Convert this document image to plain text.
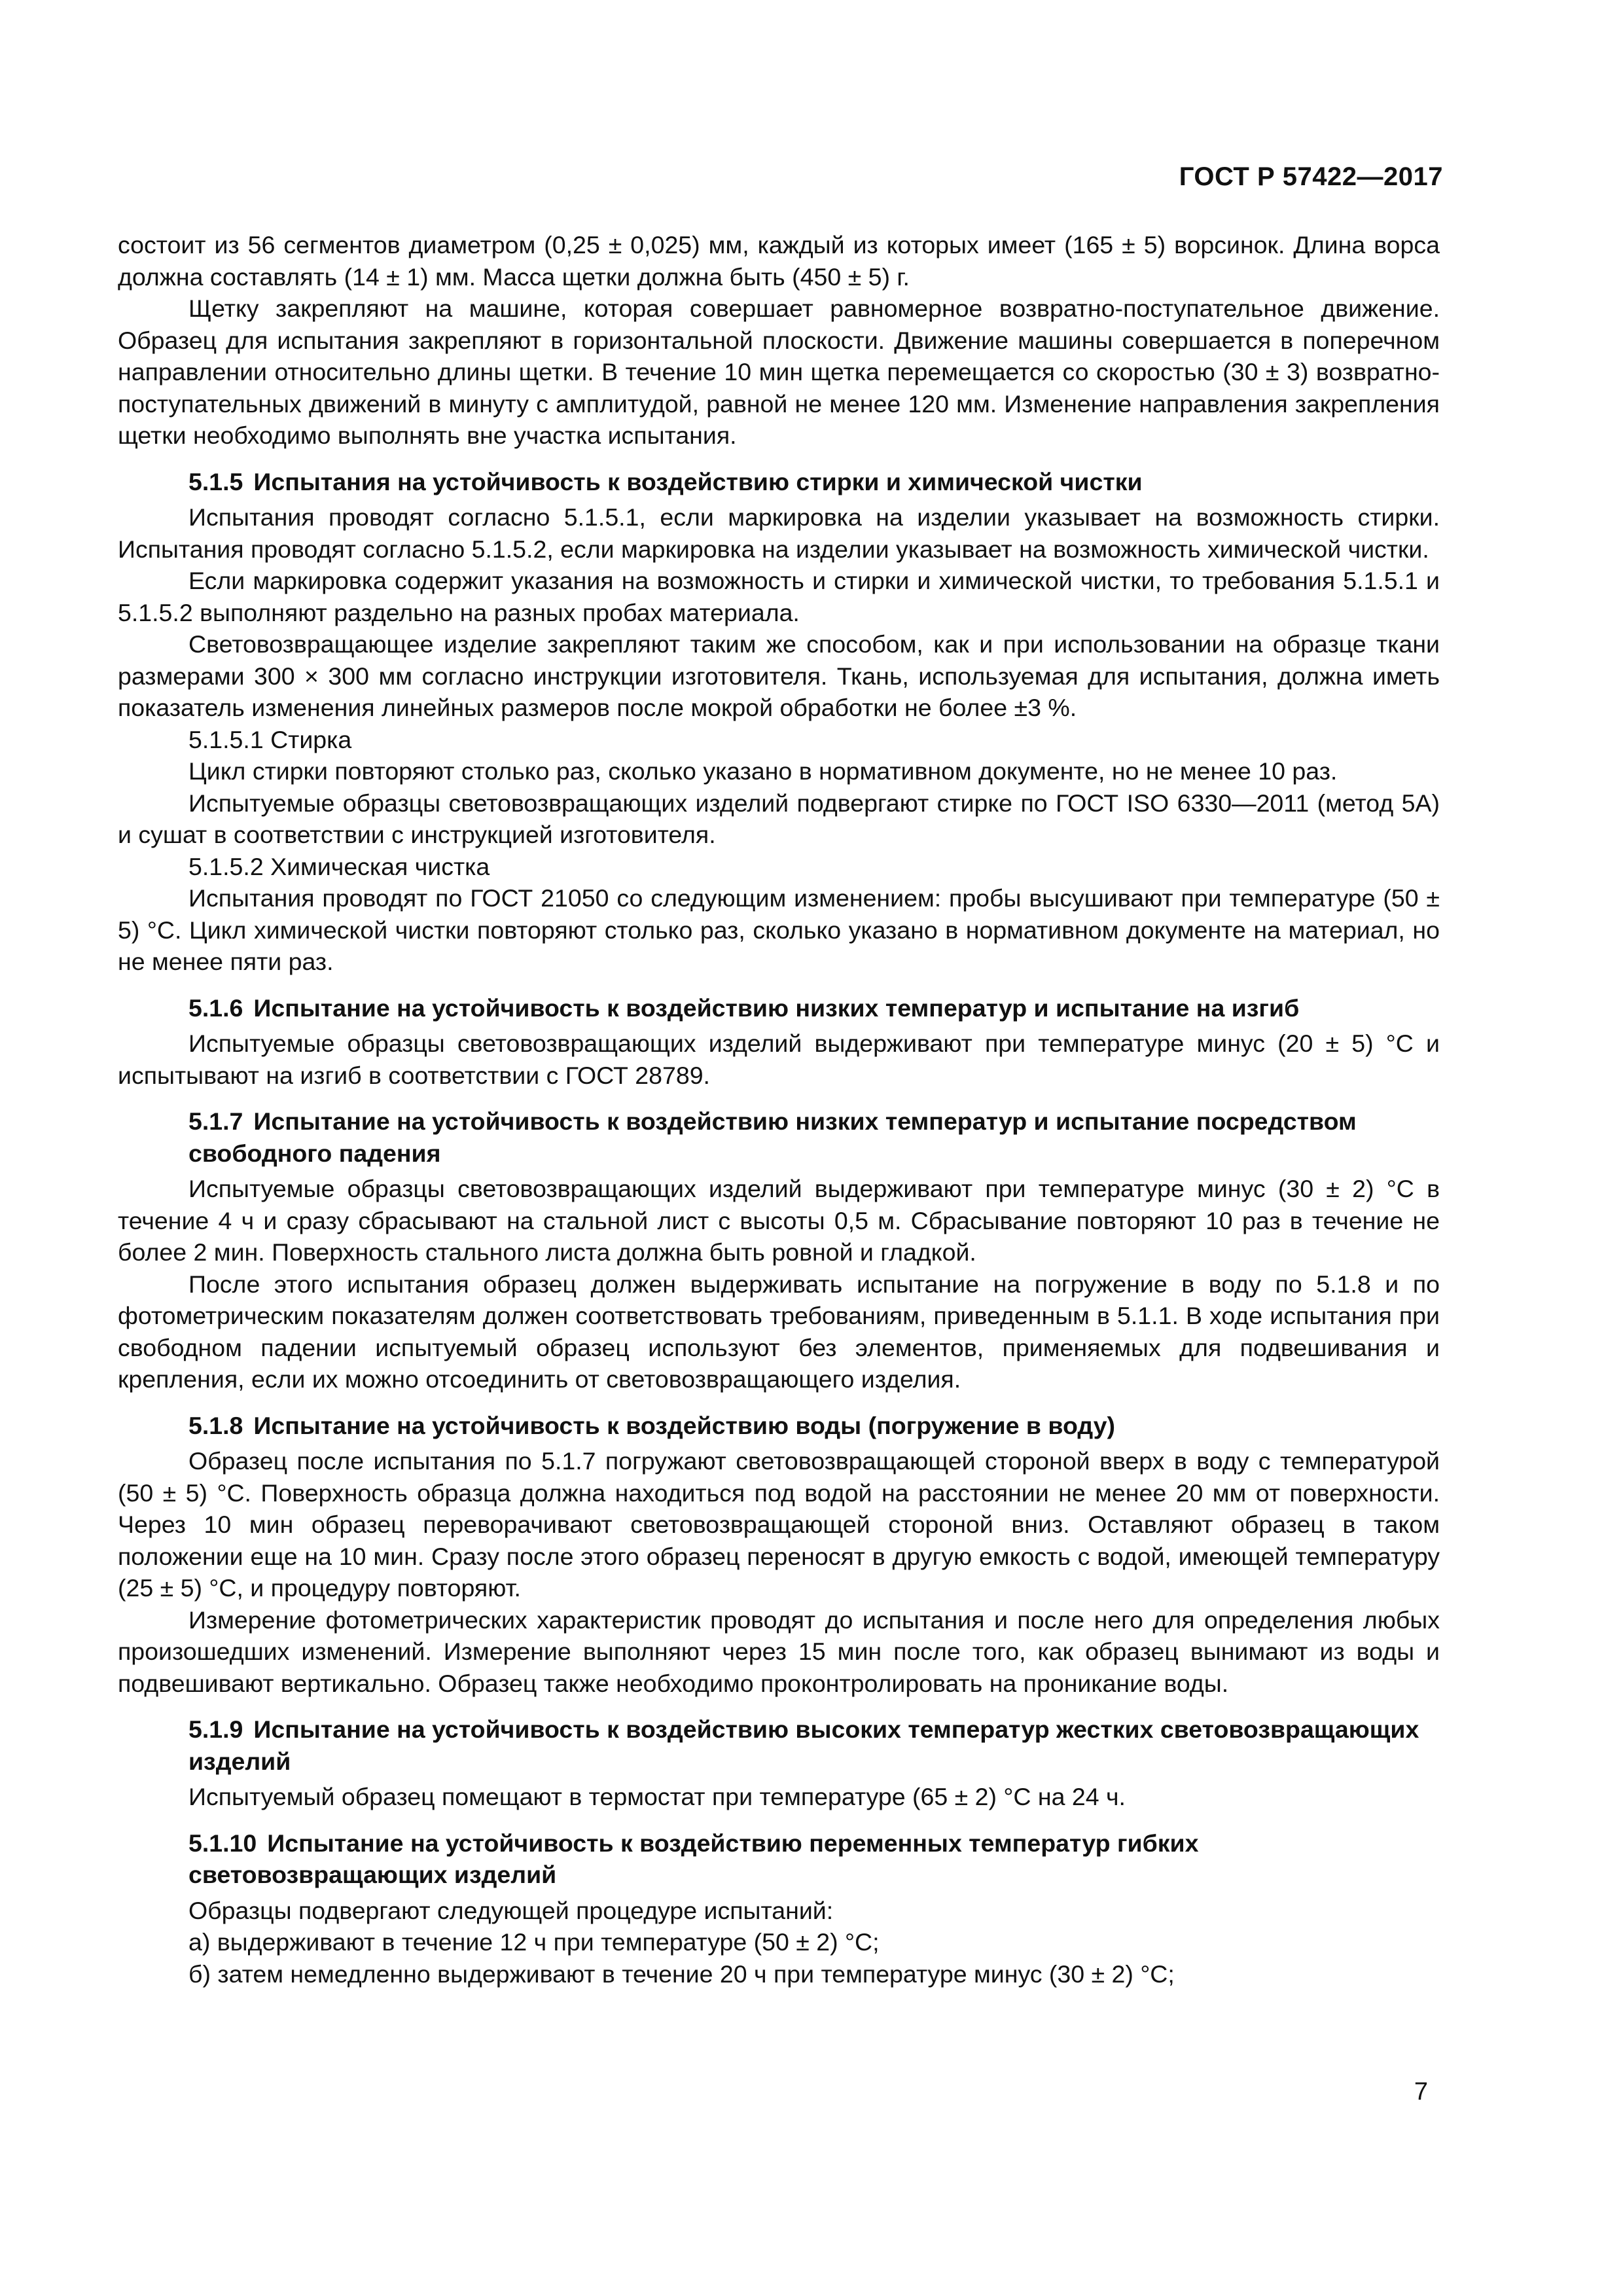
ГОСТ Р 57422—2017

состоит из 56 сегментов диаметром (0,25 ± 0,025) мм, каждый из которых имеет (165 ± 5) ворсинок. Длина ворса должна составлять (14 ± 1) мм. Масса щетки должна быть (450 ± 5) г.

Щетку закрепляют на машине, которая совершает равномерное возвратно-поступательное движение. Образец для испытания закрепляют в горизонтальной плоскости. Движение машины совершается в поперечном направлении относительно длины щетки. В течение 10 мин щетка перемещается со скоростью (30 ± 3) возвратно-поступательных движений в минуту с амплитудой, равной не менее 120 мм. Изменение направления закрепления щетки необходимо выполнять вне участка испытания.

5.1.5 Испытания на устойчивость к воздействию стирки и химической чистки

Испытания проводят согласно 5.1.5.1, если маркировка на изделии указывает на возможность стирки. Испытания проводят согласно 5.1.5.2, если маркировка на изделии указывает на возможность химической чистки.

Если маркировка содержит указания на возможность и стирки и химической чистки, то требования 5.1.5.1 и 5.1.5.2 выполняют раздельно на разных пробах материала.

Световозвращающее изделие закрепляют таким же способом, как и при использовании на образце ткани размерами 300 × 300 мм согласно инструкции изготовителя. Ткань, используемая для испытания, должна иметь показатель изменения линейных размеров после мокрой обработки не более ±3 %.

5.1.5.1 Стирка

Цикл стирки повторяют столько раз, сколько указано в нормативном документе, но не менее 10 раз.

Испытуемые образцы световозвращающих изделий подвергают стирке по ГОСТ ISO 6330—2011 (метод 5А) и сушат в соответствии с инструкцией изготовителя.

5.1.5.2 Химическая чистка

Испытания проводят по ГОСТ 21050 со следующим изменением: пробы высушивают при температуре (50 ± 5) °С. Цикл химической чистки повторяют столько раз, сколько указано в нормативном документе на материал, но не менее пяти раз.

5.1.6 Испытание на устойчивость к воздействию низких температур и испытание на изгиб

Испытуемые образцы световозвращающих изделий выдерживают при температуре минус (20 ± 5) °С и испытывают на изгиб в соответствии с ГОСТ 28789.

5.1.7 Испытание на устойчивость к воздействию низких температур и испытание посредством свободного падения

Испытуемые образцы световозвращающих изделий выдерживают при температуре минус (30 ± 2) °С в течение 4 ч и сразу сбрасывают на стальной лист с высоты 0,5 м. Сбрасывание повторяют 10 раз в течение не более 2 мин. Поверхность стального листа должна быть ровной и гладкой.

После этого испытания образец должен выдерживать испытание на погружение в воду по 5.1.8 и по фотометрическим показателям должен соответствовать требованиям, приведенным в 5.1.1. В ходе испытания при свободном падении испытуемый образец используют без элементов, применяемых для подвешивания и крепления, если их можно отсоединить от световозвращающего изделия.

5.1.8 Испытание на устойчивость к воздействию воды (погружение в воду)

Образец после испытания по 5.1.7 погружают световозвращающей стороной вверх в воду с температурой (50 ± 5) °С. Поверхность образца должна находиться под водой на расстоянии не менее 20 мм от поверхности. Через 10 мин образец переворачивают световозвращающей стороной вниз. Оставляют образец в таком положении еще на 10 мин. Сразу после этого образец переносят в другую емкость с водой, имеющей температуру (25 ± 5) °С, и процедуру повторяют.

Измерение фотометрических характеристик проводят до испытания и после него для определения любых произошедших изменений. Измерение выполняют через 15 мин после того, как образец вынимают из воды и подвешивают вертикально. Образец также необходимо проконтролировать на проникание воды.

5.1.9 Испытание на устойчивость к воздействию высоких температур жестких световозвращающих изделий

Испытуемый образец помещают в термостат при температуре (65 ± 2) °С на 24 ч.

5.1.10 Испытание на устойчивость к воздействию переменных температур гибких световозвращающих изделий

Образцы подвергают следующей процедуре испытаний:

а) выдерживают в течение 12 ч при температуре (50 ± 2) °С;

б) затем немедленно выдерживают в течение 20 ч при температуре минус (30 ± 2) °С;

7
